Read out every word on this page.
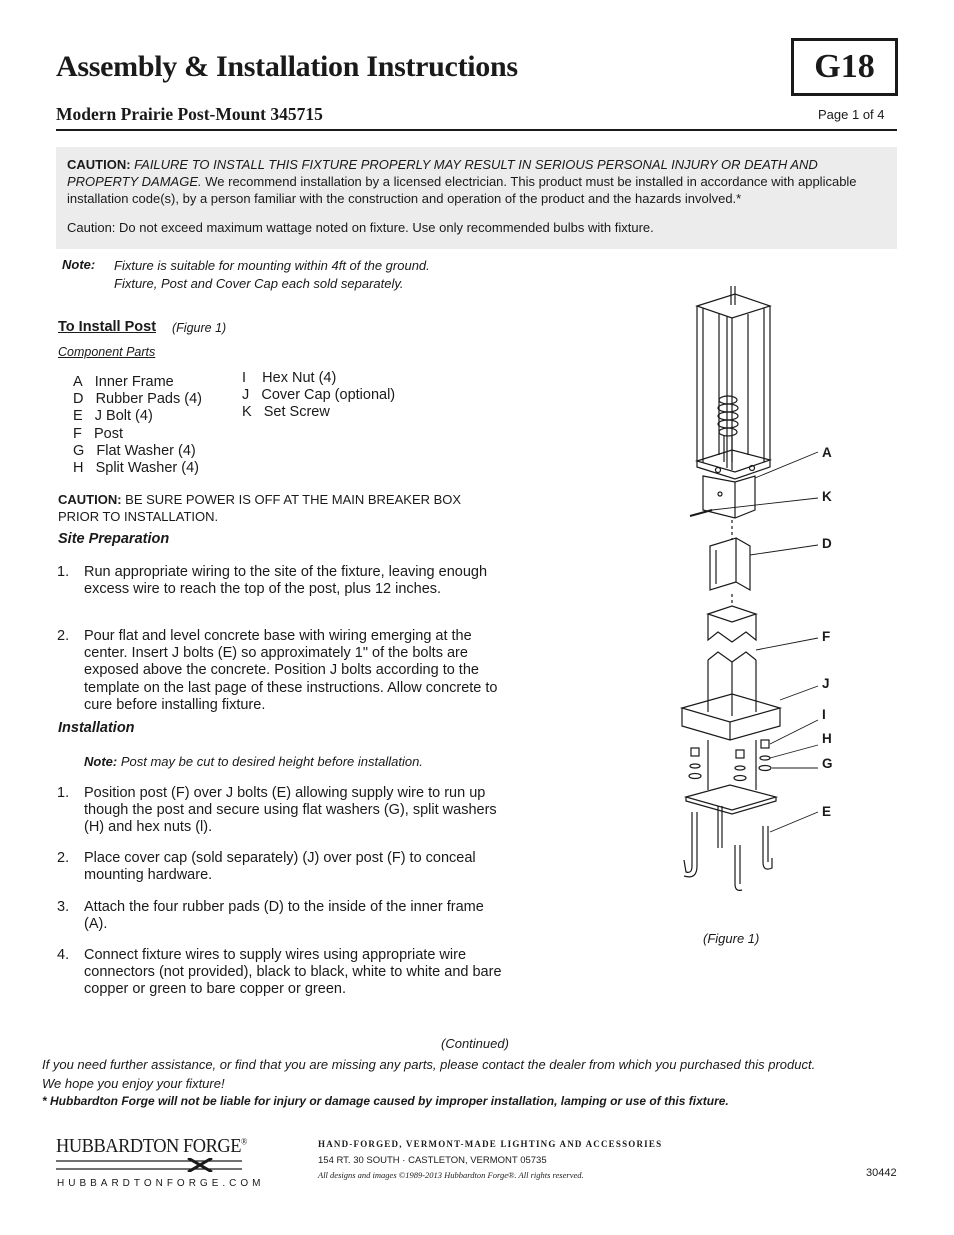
Assembly & Installation Instructions	G18
Modern Prairie Post-Mount 345715	Page 1 of 4
CAUTION: FAILURE TO INSTALL THIS FIXTURE PROPERLY MAY RESULT IN SERIOUS PERSONAL INJURY OR DEATH AND PROPERTY DAMAGE. We recommend installation by a licensed electrician. This product must be installed in accordance with applicable installation code(s), by a person familiar with the construction and operation of the product and the hazards involved.*
Caution: Do not exceed maximum wattage noted on fixture. Use only recommended bulbs with fixture.
Note: Fixture is suitable for mounting within 4ft of the ground.
Fixture, Post and Cover Cap each sold separately.
To Install Post (Figure 1)
Component Parts
A Inner Frame
D Rubber Pads (4)
E J Bolt (4)
F Post
G Flat Washer (4)
H Split Washer (4)
I Hex Nut (4)
J Cover Cap (optional)
K Set Screw
CAUTION: BE SURE POWER IS OFF AT THE MAIN BREAKER BOX PRIOR TO INSTALLATION.
Site Preparation
1. Run appropriate wiring to the site of the fixture, leaving enough excess wire to reach the top of the post, plus 12 inches.
2. Pour flat and level concrete base with wiring emerging at the center. Insert J bolts (E) so approximately 1" of the bolts are exposed above the concrete. Position J bolts according to the template on the last page of these instructions. Allow concrete to cure before installing fixture.
Installation
Note: Post may be cut to desired height before installation.
1. Position post (F) over J bolts (E) allowing supply wire to run up though the post and secure using flat washers (G), split washers (H) and hex nuts (l).
2. Place cover cap (sold separately) (J) over post (F) to conceal mounting hardware.
3. Attach the four rubber pads (D) to the inside of the inner frame (A).
4. Connect fixture wires to supply wires using appropriate wire connectors (not provided), black to black, white to white and bare copper or green to bare copper or green.
A
K
D
F
J
I
H
G
E
(Figure 1)
(Continued)
If you need further assistance, or find that you are missing any parts, please contact the dealer from which you purchased this product.
We hope you enjoy your fixture!
* Hubbardton Forge will not be liable for injury or damage caused by improper installation, lamping or use of this fixture.
HUBBARDTON FORGE®
HUBBARDTONFORGE.COM
HAND-FORGED, VERMONT-MADE LIGHTING AND ACCESSORIES
154 RT. 30 SOUTH · CASTLETON, VERMONT 05735
All designs and images ©1989-2013 Hubbardton Forge®. All rights reserved.	30442
